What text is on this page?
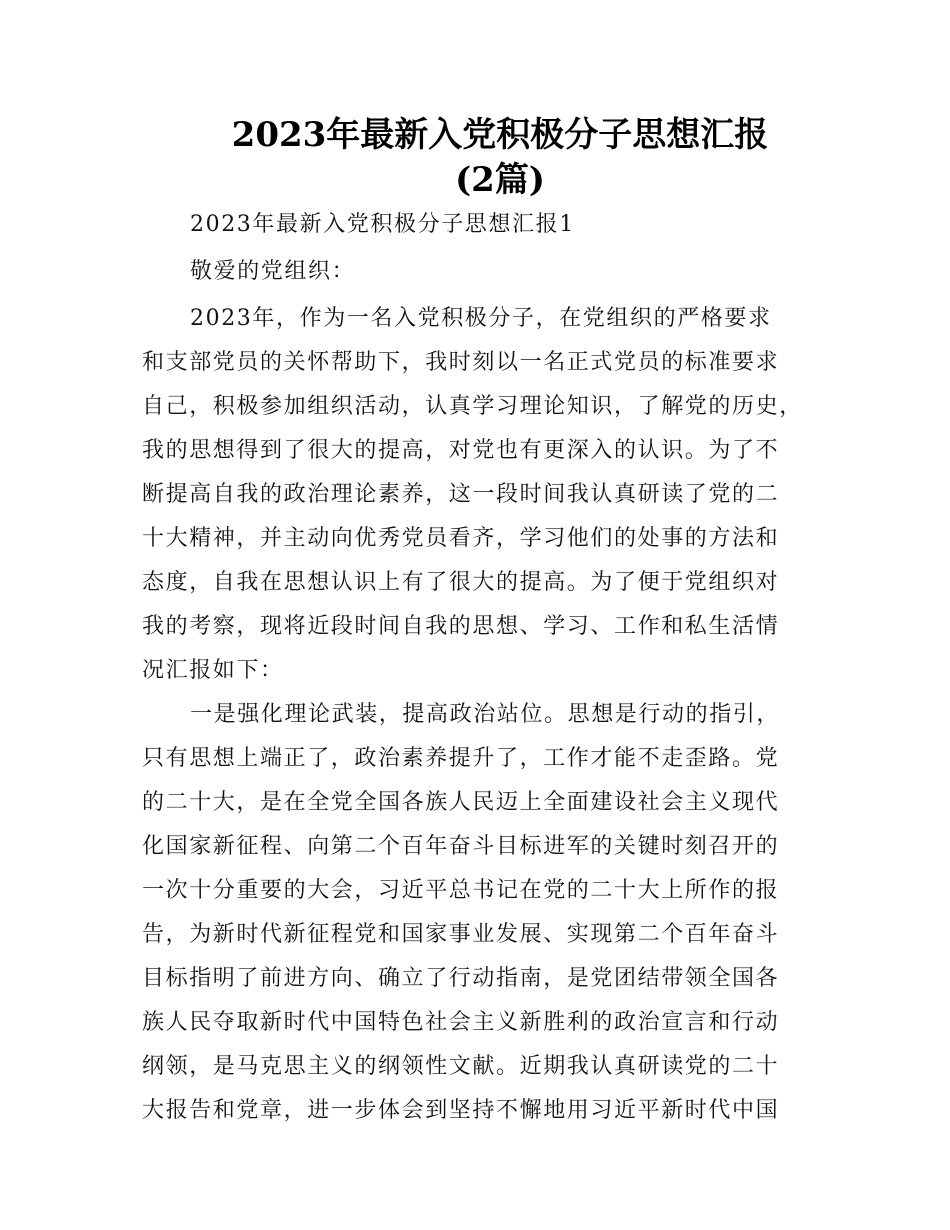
2023年最新入党积极分子思想汇报
(2篇)
2023年最新入党积极分子思想汇报1
敬爱的党组织：
2023年，作为一名入党积极分子，在党组织的严格要求
和支部党员的关怀帮助下，我时刻以一名正式党员的标准要求
自己，积极参加组织活动，认真学习理论知识，了解党的历史，
我的思想得到了很大的提高，对党也有更深入的认识。为了不
断提高自我的政治理论素养，这一段时间我认真研读了党的二
十大精神，并主动向优秀党员看齐，学习他们的处事的方法和
态度，自我在思想认识上有了很大的提高。为了便于党组织对
我的考察，现将近段时间自我的思想、学习、工作和私生活情
况汇报如下：
一是强化理论武装，提高政治站位。思想是行动的指引，
只有思想上端正了，政治素养提升了，工作才能不走歪路。党
的二十大，是在全党全国各族人民迈上全面建设社会主义现代
化国家新征程、向第二个百年奋斗目标进军的关键时刻召开的
一次十分重要的大会，习近平总书记在党的二十大上所作的报
告，为新时代新征程党和国家事业发展、实现第二个百年奋斗
目标指明了前进方向、确立了行动指南，是党团结带领全国各
族人民夺取新时代中国特色社会主义新胜利的政治宣言和行动
纲领，是马克思主义的纲领性文献。近期我认真研读党的二十
大报告和党章，进一步体会到坚持不懈地用习近平新时代中国
